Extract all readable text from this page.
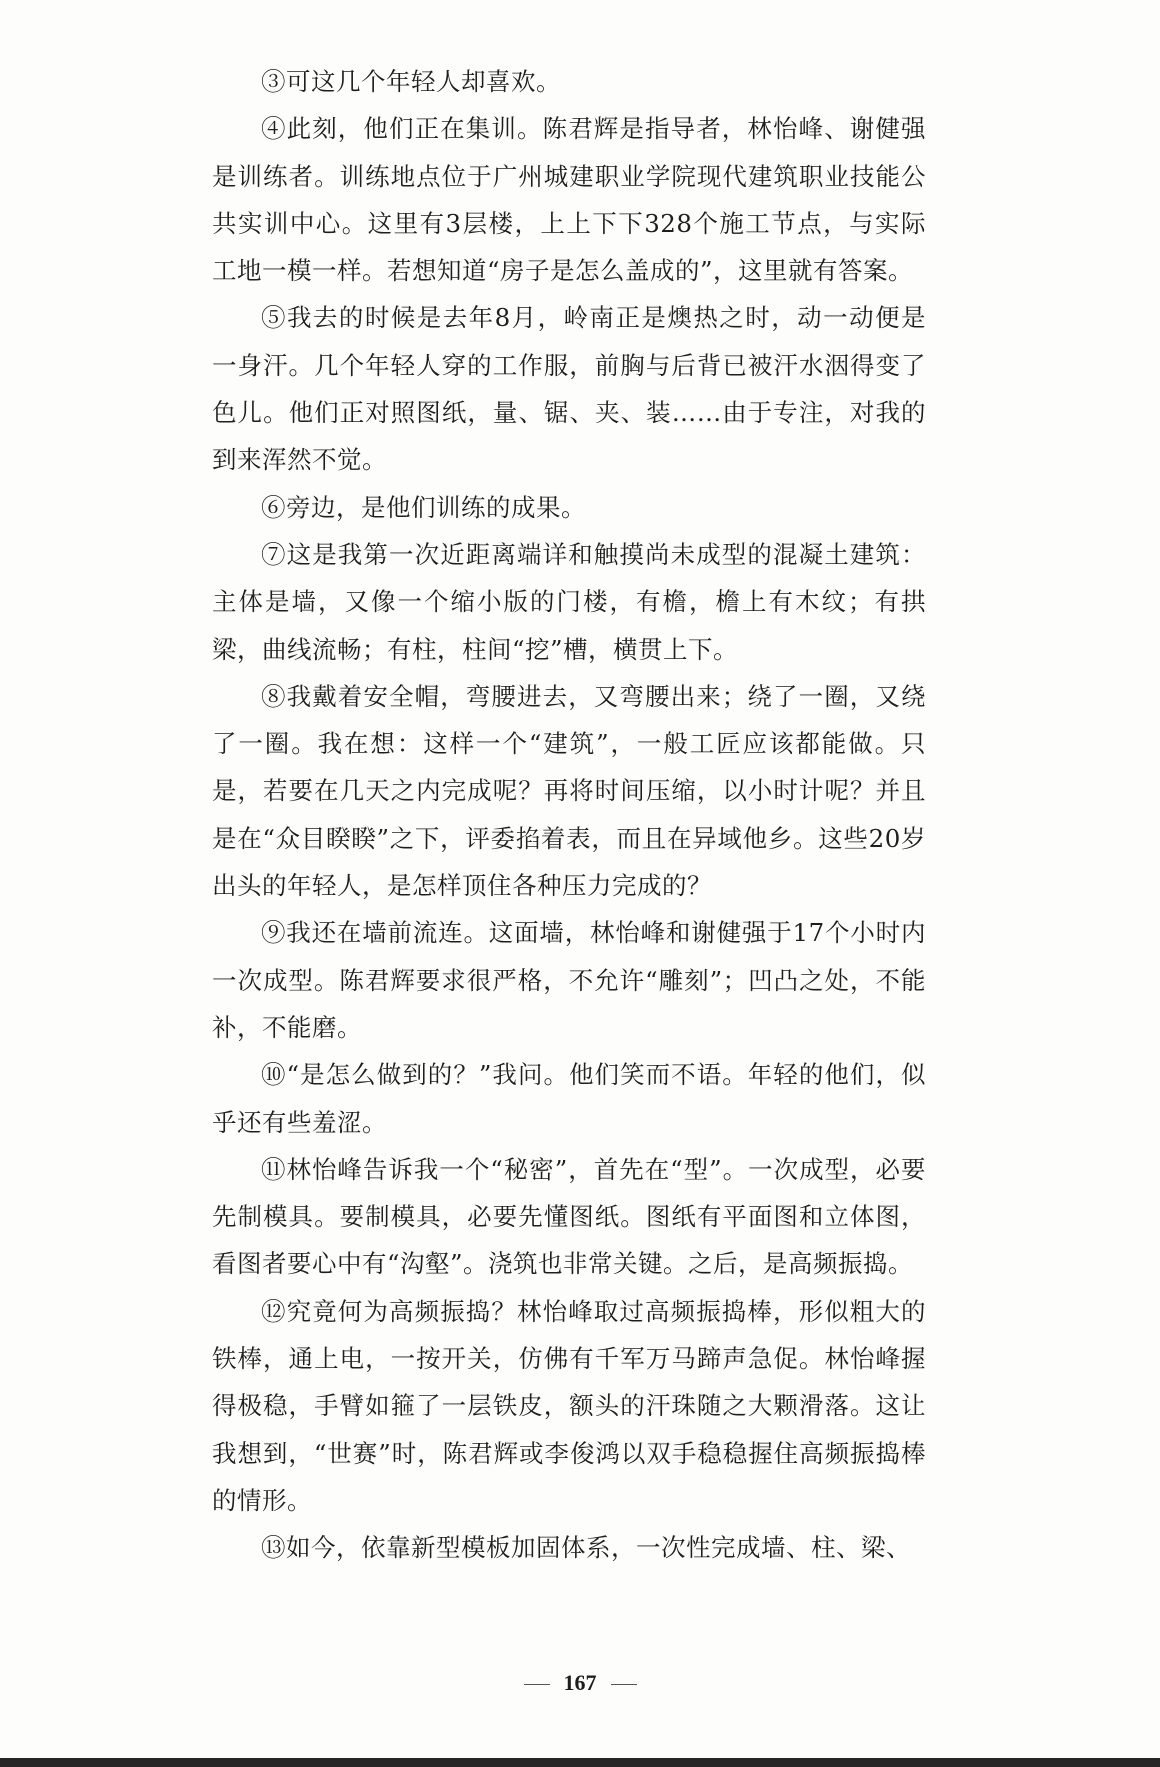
③可这几个年轻人却喜欢。

④此刻，他们正在集训。陈君辉是指导者，林怡峰、谢健强是训练者。训练地点位于广州城建职业学院现代建筑职业技能公共实训中心。这里有3层楼，上上下下328个施工节点，与实际工地一模一样。若想知道“房子是怎么盖成的”，这里就有答案。

⑤我去的时候是去年8月，岭南正是燠热之时，动一动便是一身汗。几个年轻人穿的工作服，前胸与后背已被汗水洇得变了色儿。他们正对照图纸，量、锯、夹、装……由于专注，对我的到来浑然不觉。

⑥旁边，是他们训练的成果。

⑦这是我第一次近距离端详和触摸尚未成型的混凝土建筑：主体是墙，又像一个缩小版的门楼，有檐，檐上有木纹；有拱梁，曲线流畅；有柱，柱间“挖”槽，横贯上下。

⑧我戴着安全帽，弯腰进去，又弯腰出来；绕了一圈，又绕了一圈。我在想：这样一个“建筑”，一般工匠应该都能做。只是，若要在几天之内完成呢？再将时间压缩，以小时计呢？并且是在“众目睽睽”之下，评委掐着表，而且在异域他乡。这些20岁出头的年轻人，是怎样顶住各种压力完成的？

⑨我还在墙前流连。这面墙，林怡峰和谢健强于17个小时内一次成型。陈君辉要求很严格，不允许“雕刻”；凹凸之处，不能补，不能磨。

⑩“是怎么做到的？”我问。他们笑而不语。年轻的他们，似乎还有些羞涩。

⑪林怡峰告诉我一个“秘密”，首先在“型”。一次成型，必要先制模具。要制模具，必要先懂图纸。图纸有平面图和立体图，看图者要心中有“沟壑”。浇筑也非常关键。之后，是高频振捣。

⑫究竟何为高频振捣？林怡峰取过高频振捣棒，形似粗大的铁棒，通上电，一按开关，仿佛有千军万马蹄声急促。林怡峰握得极稳，手臂如箍了一层铁皮，额头的汗珠随之大颗滑落。这让我想到，“世赛”时，陈君辉或李俊鸿以双手稳稳握住高频振捣棒的情形。

⑬如今，依靠新型模板加固体系，一次性完成墙、柱、梁、

167
